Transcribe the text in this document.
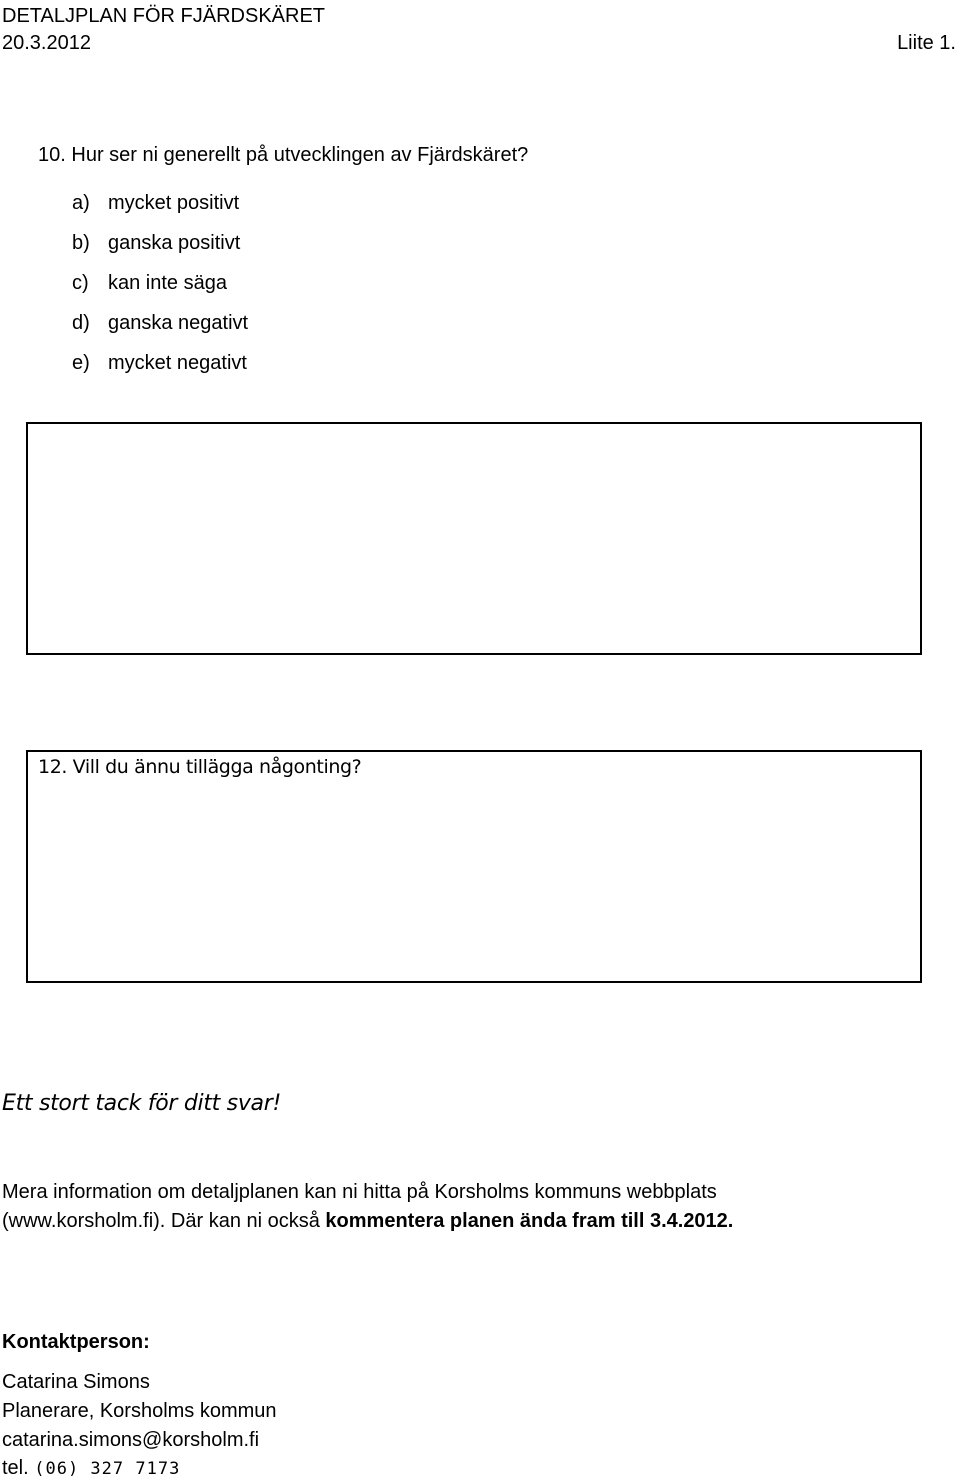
DETALJPLAN FÖR FJÄRDSKÄRET
20.3.2012	Liite 1.
10. Hur ser ni generellt på utvecklingen av Fjärdskäret?
a) mycket positivt
b) ganska positivt
c) kan inte säga
d) ganska negativt
e) mycket negativt
12. Vill du ännu tillägga någonting?
Ett stort tack för ditt svar!
Mera information om detaljplanen kan ni hitta på Korsholms kommuns webbplats
(www.korsholm.fi). Där kan ni också kommentera planen ända fram till 3.4.2012.
Kontaktperson:
Catarina Simons
Planerare, Korsholms kommun
catarina.simons@korsholm.fi
tel. (06) 327 7173
